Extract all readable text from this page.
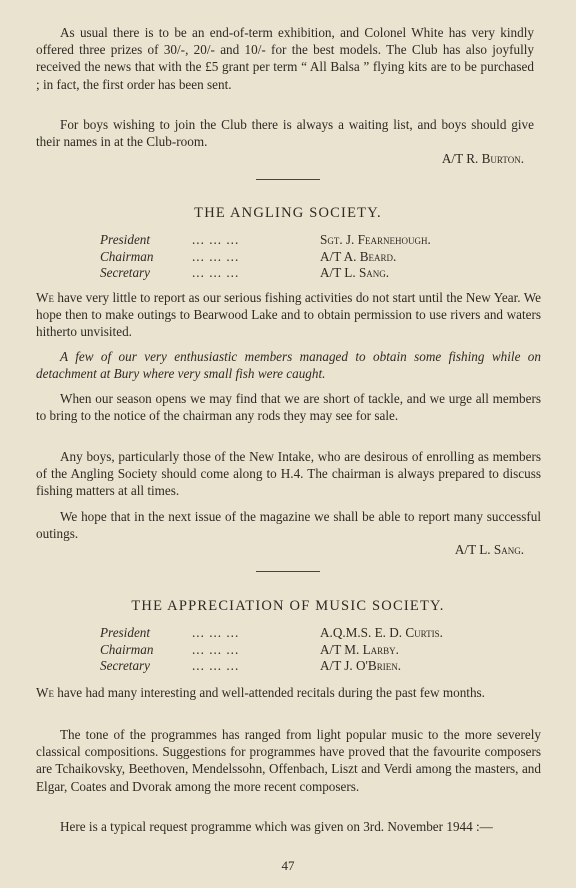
As usual there is to be an end-of-term exhibition, and Colonel White has very kindly offered three prizes of 30/-, 20/- and 10/- for the best models. The Club has also joyfully received the news that with the £5 grant per term “ All Balsa ” flying kits are to be purchased ; in fact, the first order has been sent.

For boys wishing to join the Club there is always a waiting list, and boys should give their names in at the Club-room.

A/T R. Burton.
THE ANGLING SOCIETY.
President	... ... ...	Sgt. J. Fearnehough.
Chairman	... ... ...	A/T A. Beard.
Secretary	... ... ...	A/T L. Sang.

We have very little to report as our serious fishing activities do not start until the New Year. We hope then to make outings to Bearwood Lake and to obtain permission to use rivers and waters hitherto unvisited.

A few of our very enthusiastic members managed to obtain some fishing while on detachment at Bury where very small fish were caught.

When our season opens we may find that we are short of tackle, and we urge all members to bring to the notice of the chairman any rods they may see for sale.

Any boys, particularly those of the New Intake, who are desirous of enrolling as members of the Angling Society should come along to H.4. The chairman is always prepared to discuss fishing matters at all times.

We hope that in the next issue of the magazine we shall be able to report many successful outings.

A/T L. Sang.
THE APPRECIATION OF MUSIC SOCIETY.
President	... ... ...	A.Q.M.S. E. D. Curtis.
Chairman	... ... ...	A/T M. Larby.
Secretary	... ... ...	A/T J. O'Brien.

We have had many interesting and well-attended recitals during the past few months.

The tone of the programmes has ranged from light popular music to the more severely classical compositions. Suggestions for programmes have proved that the favourite composers are Tchaikovsky, Beethoven, Mendelssohn, Offenbach, Liszt and Verdi among the masters, and Elgar, Coates and Dvorak among the more recent composers.

Here is a typical request programme which was given on 3rd. November 1944 :—

47
